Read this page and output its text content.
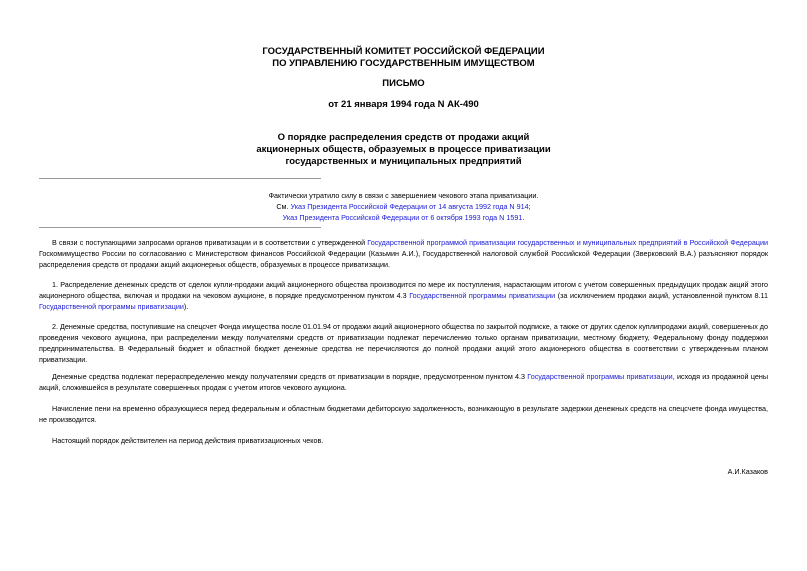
ГОСУДАРСТВЕННЫЙ КОМИТЕТ РОССИЙСКОЙ ФЕДЕРАЦИИ
ПО УПРАВЛЕНИЮ ГОСУДАРСТВЕННЫМ ИМУЩЕСТВОМ
ПИСЬМО
от 21 января 1994 года N АК-490
О порядке распределения средств от продажи акций
акционерных обществ, образуемых в процессе приватизации
государственных и муниципальных предприятий
Фактически утратило силу в связи с завершением чекового этапа приватизации.
См. Указ Президента Российской Федерации от 14 августа 1992 года N 914;
Указ Президента Российской Федерации от 6 октября 1993 года N 1591.
В связи с поступающими запросами органов приватизации и в соответствии с утвержденной Государственной программой приватизации государственных и муниципальных предприятий в Российской Федерации Госкомимущество России по согласованию с Министерством финансов Российской Федерации (Казьмин А.И.), Государственной налоговой службой Российской Федерации (Зверковский В.А.) разъясняют порядок распределения средств от продажи акций акционерных обществ, образуемых в процессе приватизации.
1. Распределение денежных средств от сделок купли-продажи акций акционерного общества производится по мере их поступления, нарастающим итогом с учетом совершенных предыдущих продаж акций этого акционерного общества, включая и продажи на чековом аукционе, в порядке предусмотренном пунктом 4.3 Государственной программы приватизации (за исключением продажи акций, установленной пунктом 8.11 Государственной программы приватизации).
2. Денежные средства, поступившие на спецсчет Фонда имущества после 01.01.94 от продажи акций акционерного общества по закрытой подписке, а также от других сделок куплипродажи акций, совершенных до проведения чекового аукциона, при распределении между получателями средств от приватизации подлежат перечислению только органам приватизации, местному бюджету, Федеральному фонду поддержки предпринимательства. В Федеральный бюджет и областной бюджет денежные средства не перечисляются до полной продажи акций этого акционерного общества в соответствии с утвержденным планом приватизации.
Денежные средства подлежат перераспределению между получателями средств от приватизации в порядке, предусмотренном пунктом 4.3 Государственной программы приватизации, исходя из продажной цены акций, сложившейся в результате совершенных продаж с учетом итогов чекового аукциона.
Начисление пени на временно образующиеся перед федеральным и областным бюджетами дебиторскую задолженность, возникающую в результате задержки денежных средств на спецсчете фонда имущества, не производится.
Настоящий порядок действителен на период действия приватизационных чеков.
А.И.Казаков
